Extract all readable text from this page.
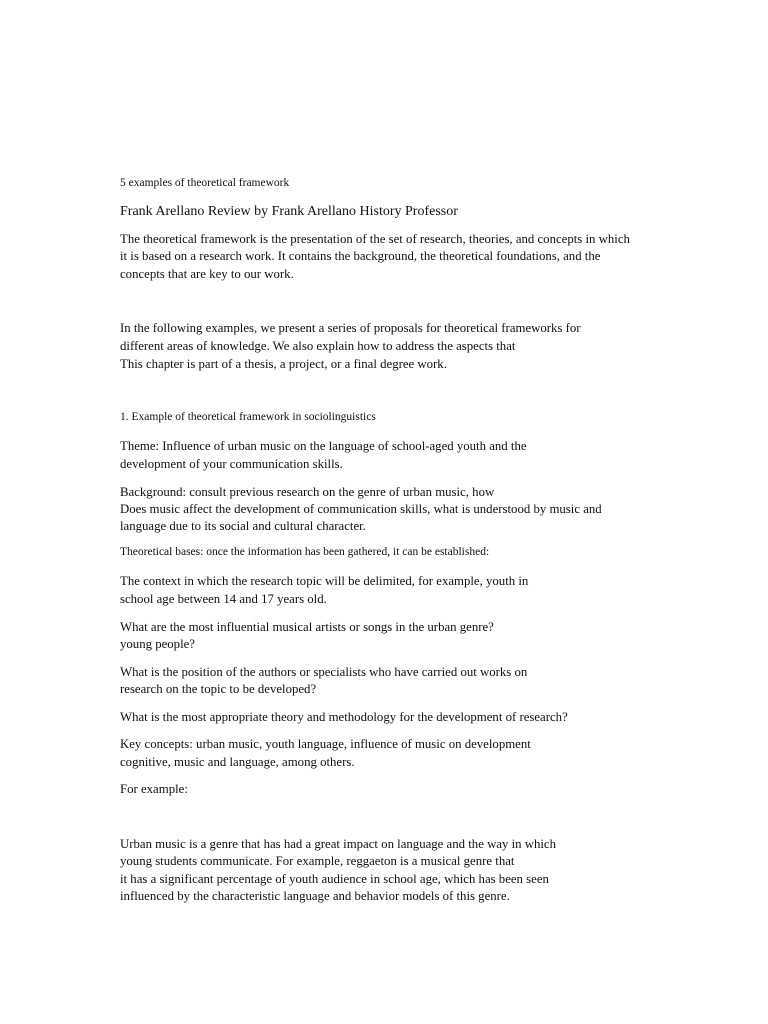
5 examples of theoretical framework

Frank Arellano Review by Frank Arellano History Professor

The theoretical framework is the presentation of the set of research, theories, and concepts in which

it is based on a research work. It contains the background, the theoretical foundations, and the

concepts that are key to our work.

In the following examples, we present a series of proposals for theoretical frameworks for

different areas of knowledge. We also explain how to address the aspects that

This chapter is part of a thesis, a project, or a final degree work.

1. Example of theoretical framework in sociolinguistics

Theme: Influence of urban music on the language of school-aged youth and the

development of your communication skills.

Background: consult previous research on the genre of urban music, how

Does music affect the development of communication skills, what is understood by music and

language due to its social and cultural character.

Theoretical bases: once the information has been gathered, it can be established:

The context in which the research topic will be delimited, for example, youth in

school age between 14 and 17 years old.

What are the most influential musical artists or songs in the urban genre?

young people?

What is the position of the authors or specialists who have carried out works on

research on the topic to be developed?

What is the most appropriate theory and methodology for the development of research?

Key concepts: urban music, youth language, influence of music on development

cognitive, music and language, among others.

For example:

Urban music is a genre that has had a great impact on language and the way in which

young students communicate. For example, reggaeton is a musical genre that

it has a significant percentage of youth audience in school age, which has been seen

influenced by the characteristic language and behavior models of this genre.
